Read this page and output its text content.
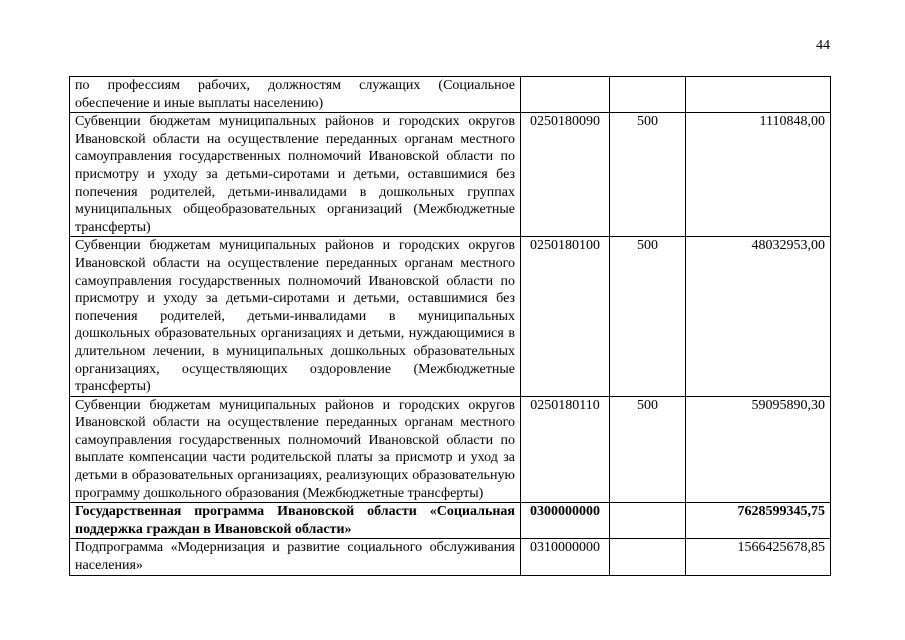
44
по профессиям рабочих, должностям служащих (Социальное обеспечение и иные выплаты населению)			
Субвенции бюджетам муниципальных районов и городских округов Ивановской области на осуществление переданных органам местного самоуправления государственных полномочий Ивановской области по присмотру и уходу за детьми-сиротами и детьми, оставшимися без попечения родителей, детьми-инвалидами в дошкольных группах муниципальных общеобразовательных организаций (Межбюджетные трансферты)	0250180090	500	1110848,00
Субвенции бюджетам муниципальных районов и городских округов Ивановской области на осуществление переданных органам местного самоуправления государственных полномочий Ивановской области по присмотру и уходу за детьми-сиротами и детьми, оставшимися без попечения родителей, детьми-инвалидами в муниципальных дошкольных образовательных организациях и детьми, нуждающимися в длительном лечении, в муниципальных дошкольных образовательных организациях, осуществляющих оздоровление (Межбюджетные трансферты)	0250180100	500	48032953,00
Субвенции бюджетам муниципальных районов и городских округов Ивановской области на осуществление переданных органам местного самоуправления государственных полномочий Ивановской области по выплате компенсации части родительской платы за присмотр и уход за детьми в образовательных организациях, реализующих образовательную программу дошкольного образования (Межбюджетные трансферты)	0250180110	500	59095890,30
Государственная программа Ивановской области «Социальная поддержка граждан в Ивановской области»	0300000000		7628599345,75
Подпрограмма «Модернизация и развитие социального обслуживания населения»	0310000000		1566425678,85
